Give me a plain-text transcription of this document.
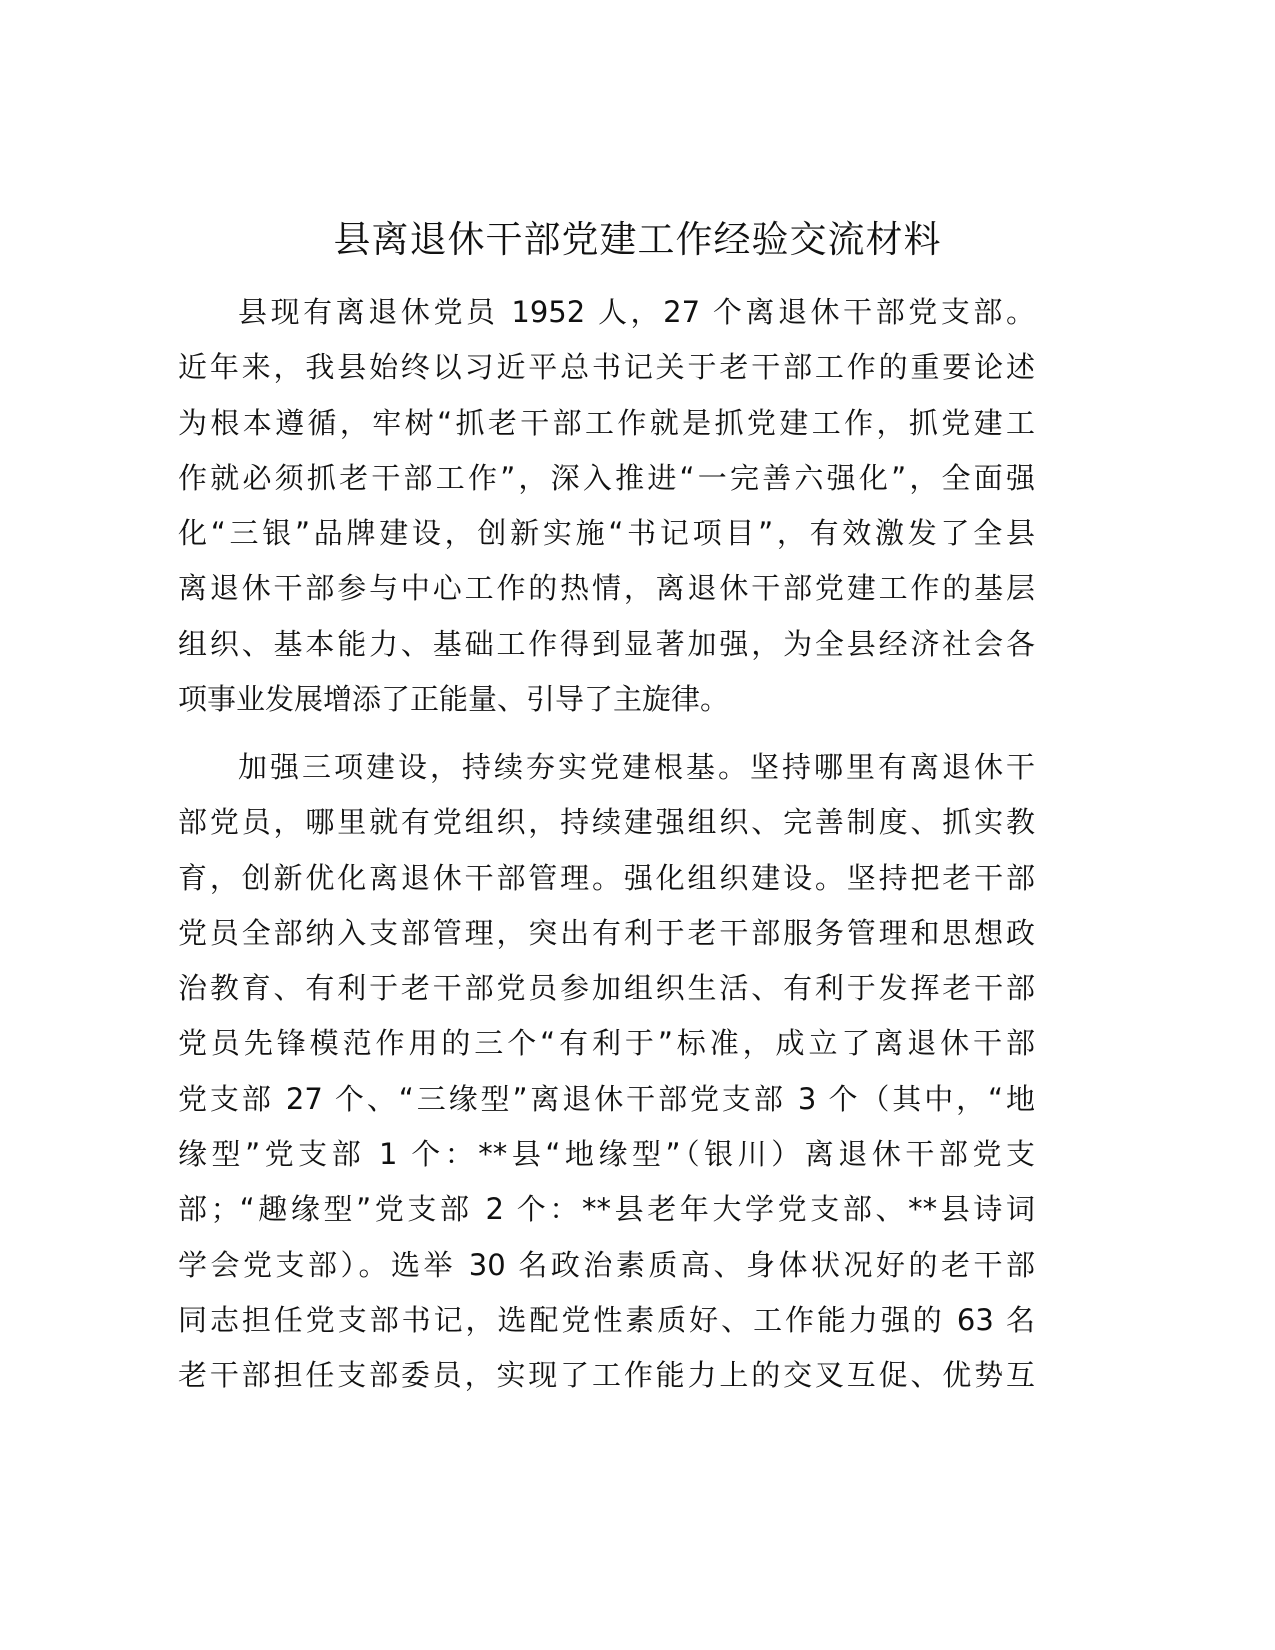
县离退休干部党建工作经验交流材料
县现有离退休党员 1952 人，27 个离退休干部党支部。
近年来，我县始终以习近平总书记关于老干部工作的重要论述
为根本遵循，牢树“抓老干部工作就是抓党建工作，抓党建工
作就必须抓老干部工作”，深入推进“一完善六强化”，全面强
化“三银”品牌建设，创新实施“书记项目”，有效激发了全县
离退休干部参与中心工作的热情，离退休干部党建工作的基层
组织、基本能力、基础工作得到显著加强，为全县经济社会各
项事业发展增添了正能量、引导了主旋律。
加强三项建设，持续夯实党建根基。坚持哪里有离退休干
部党员，哪里就有党组织，持续建强组织、完善制度、抓实教
育，创新优化离退休干部管理。强化组织建设。坚持把老干部
党员全部纳入支部管理，突出有利于老干部服务管理和思想政
治教育、有利于老干部党员参加组织生活、有利于发挥老干部
党员先锋模范作用的三个“有利于”标准，成立了离退休干部
党支部 27 个、“三缘型”离退休干部党支部 3 个（其中，“地
缘型”党支部 1 个：**县“地缘型”（银川）离退休干部党支
部；“趣缘型”党支部 2 个：**县老年大学党支部、**县诗词
学会党支部）。选举 30 名政治素质高、身体状况好的老干部
同志担任党支部书记，选配党性素质好、工作能力强的 63 名
老干部担任支部委员，实现了工作能力上的交叉互促、优势互
